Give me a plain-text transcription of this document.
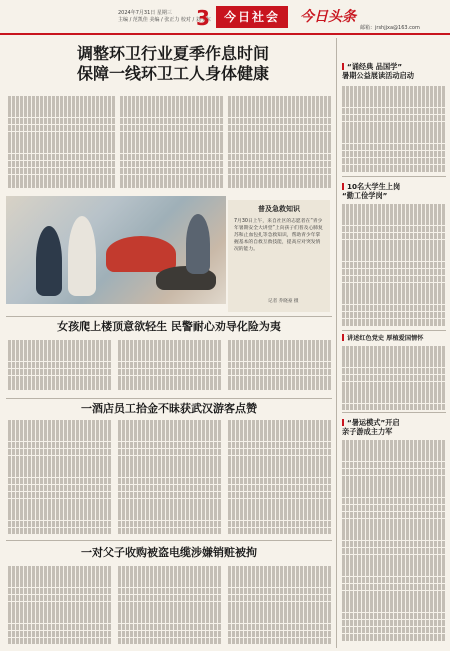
2024年7月31日 星期三
主编 / 范凯佳 美编 / 张正力 校对 / 刘学东
3	今日社会	今日头条
邮箱：jrshjjxa@163.com
调整环卫行业夏季作息时间
保障一线环卫工人身体健康
普及急救知识
7月30日上午，来自社区的志愿者在“青少年暑期安全大讲堂”上向孩子们普及心肺复苏和止血包扎等急救知识，帮助青少年掌握基本的自救互救技能，提高应对突发情况的能力。
记者 乔晓豪 摄
女孩爬上楼顶意欲轻生 民警耐心劝导化险为夷
一酒店员工拾金不昧获武汉游客点赞
一对父子收购被盗电缆涉嫌销赃被拘
“诵经典 品国学”
暑期公益展读活动启动
10名大学生上岗
“勤工俭学岗”
讲述红色党史 厚植爱国情怀
“暑运模式”开启
亲子游成主力军
